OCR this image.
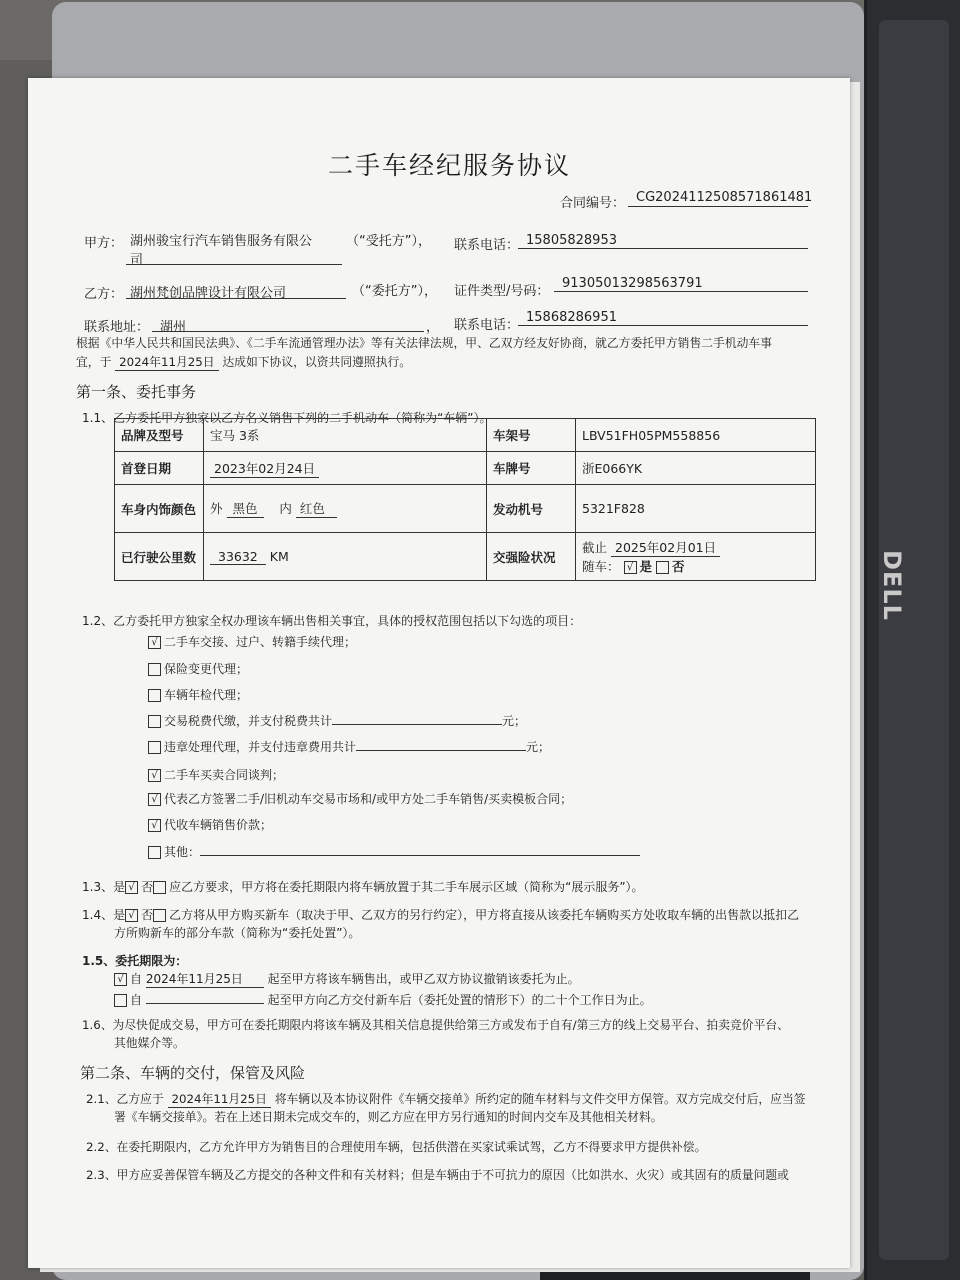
DELL
二手车经纪服务协议
合同编号： CG2024112508571861481
甲方： 湖州骏宝行汽车销售服务有限公
司
（“受托方”）， 联系电话： 15805828953
乙方： 湖州梵创品牌设计有限公司	（“委托方”）， 证件类型/号码：
91305013298563791
联系地址： 湖州	， 联系电话：
15868286951
根据《中华人民共和国民法典》、《二手车流通管理办法》等有关法律法规，甲、乙双方经友好协商，就乙方委托甲方销售二手机动车事
宜，于 2024年11月25日 达成如下协议，以资共同遵照执行。
第一条、委托事务
1.1、乙方委托甲方独家以乙方名义销售下列的二手机动车（简称为“车辆”）。
品牌及型号	宝马 3系	车架号	LBV51FH05PM558856
首登日期	2023年02月24日	车牌号	浙E066YK
车身内饰颜色	外 黑色 内 红色	发动机号	5321F828
已行驶公里数	33632 KM	交强险状况	截止 2025年02月01日
随车： √ 是 否
1.2、乙方委托甲方独家全权办理该车辆出售相关事宜，具体的授权范围包括以下勾选的项目：
√ 二手车交接、过户、转籍手续代理；
保险变更代理；
车辆年检代理；
交易税费代缴，并支付税费共计	元；
违章处理代理，并支付违章费用共计	元；
√ 二手车买卖合同谈判；
√ 代表乙方签署二手/旧机动车交易市场和/或甲方处二手车销售/买卖模板合同；
√ 代收车辆销售价款；
其他：
1.3、是 √ 否 应乙方要求，甲方将在委托期限内将车辆放置于其二手车展示区域（简称为“展示服务”）。
1.4、是 √ 否 乙方将从甲方购买新车（取决于甲、乙双方的另行约定），甲方将直接从该委托车辆购买方处收取车辆的出售款以抵扣乙
方所购新车的部分车款（简称为“委托处置”）。
1.5、委托期限为：
√ 自 2024年11月25日 起至甲方将该车辆售出，或甲乙双方协议撤销该委托为止。
自	起至甲方向乙方交付新车后（委托处置的情形下）的二十个工作日为止。
1.6、为尽快促成交易，甲方可在委托期限内将该车辆及其相关信息提供给第三方或发布于自有/第三方的线上交易平台、拍卖竞价平台、
其他媒介等。
第二条、车辆的交付，保管及风险
2.1、乙方应于 2024年11月25日 将车辆以及本协议附件《车辆交接单》所约定的随车材料与文件交甲方保管。双方完成交付后，应当签
署《车辆交接单》。若在上述日期未完成交车的，则乙方应在甲方另行通知的时间内交车及其他相关材料。
2.2、在委托期限内，乙方允许甲方为销售目的合理使用车辆，包括供潜在买家试乘试驾，乙方不得要求甲方提供补偿。
2.3、甲方应妥善保管车辆及乙方提交的各种文件和有关材料；但是车辆由于不可抗力的原因（比如洪水、火灾）或其固有的质量问题或
